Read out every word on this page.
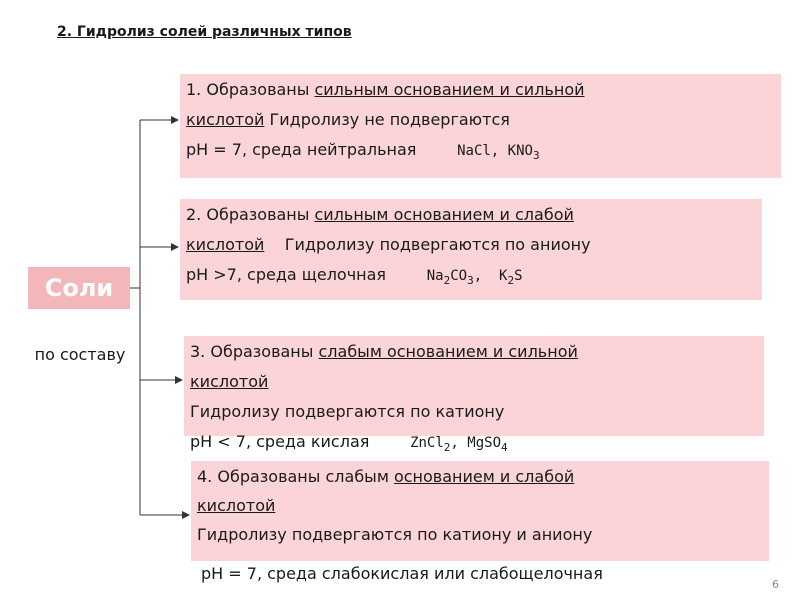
2. Гидролиз солей различных типов
Соли
по составу
1. Образованы сильным основанием и сильной
кислотой Гидролизу не подвергаются
pH = 7, среда нейтральная	NaCl, $KNO_3$
2. Образованы сильным основанием и слабой
кислотой Гидролизу подвергаются по аниону
pH >7, среда щелочная	$Na_2CO_3$,  $K_2S$
3. Образованы слабым основанием и сильной
кислотой
Гидролизу подвергаются по катиону
pH < 7, среда кислая	ZnCl$_2$, MgSO$_4$
4. Образованы слабым основанием и слабой
кислотой
Гидролизу подвергаются по катиону и аниону
pH = 7, среда слабокислая или слабощелочная
6
